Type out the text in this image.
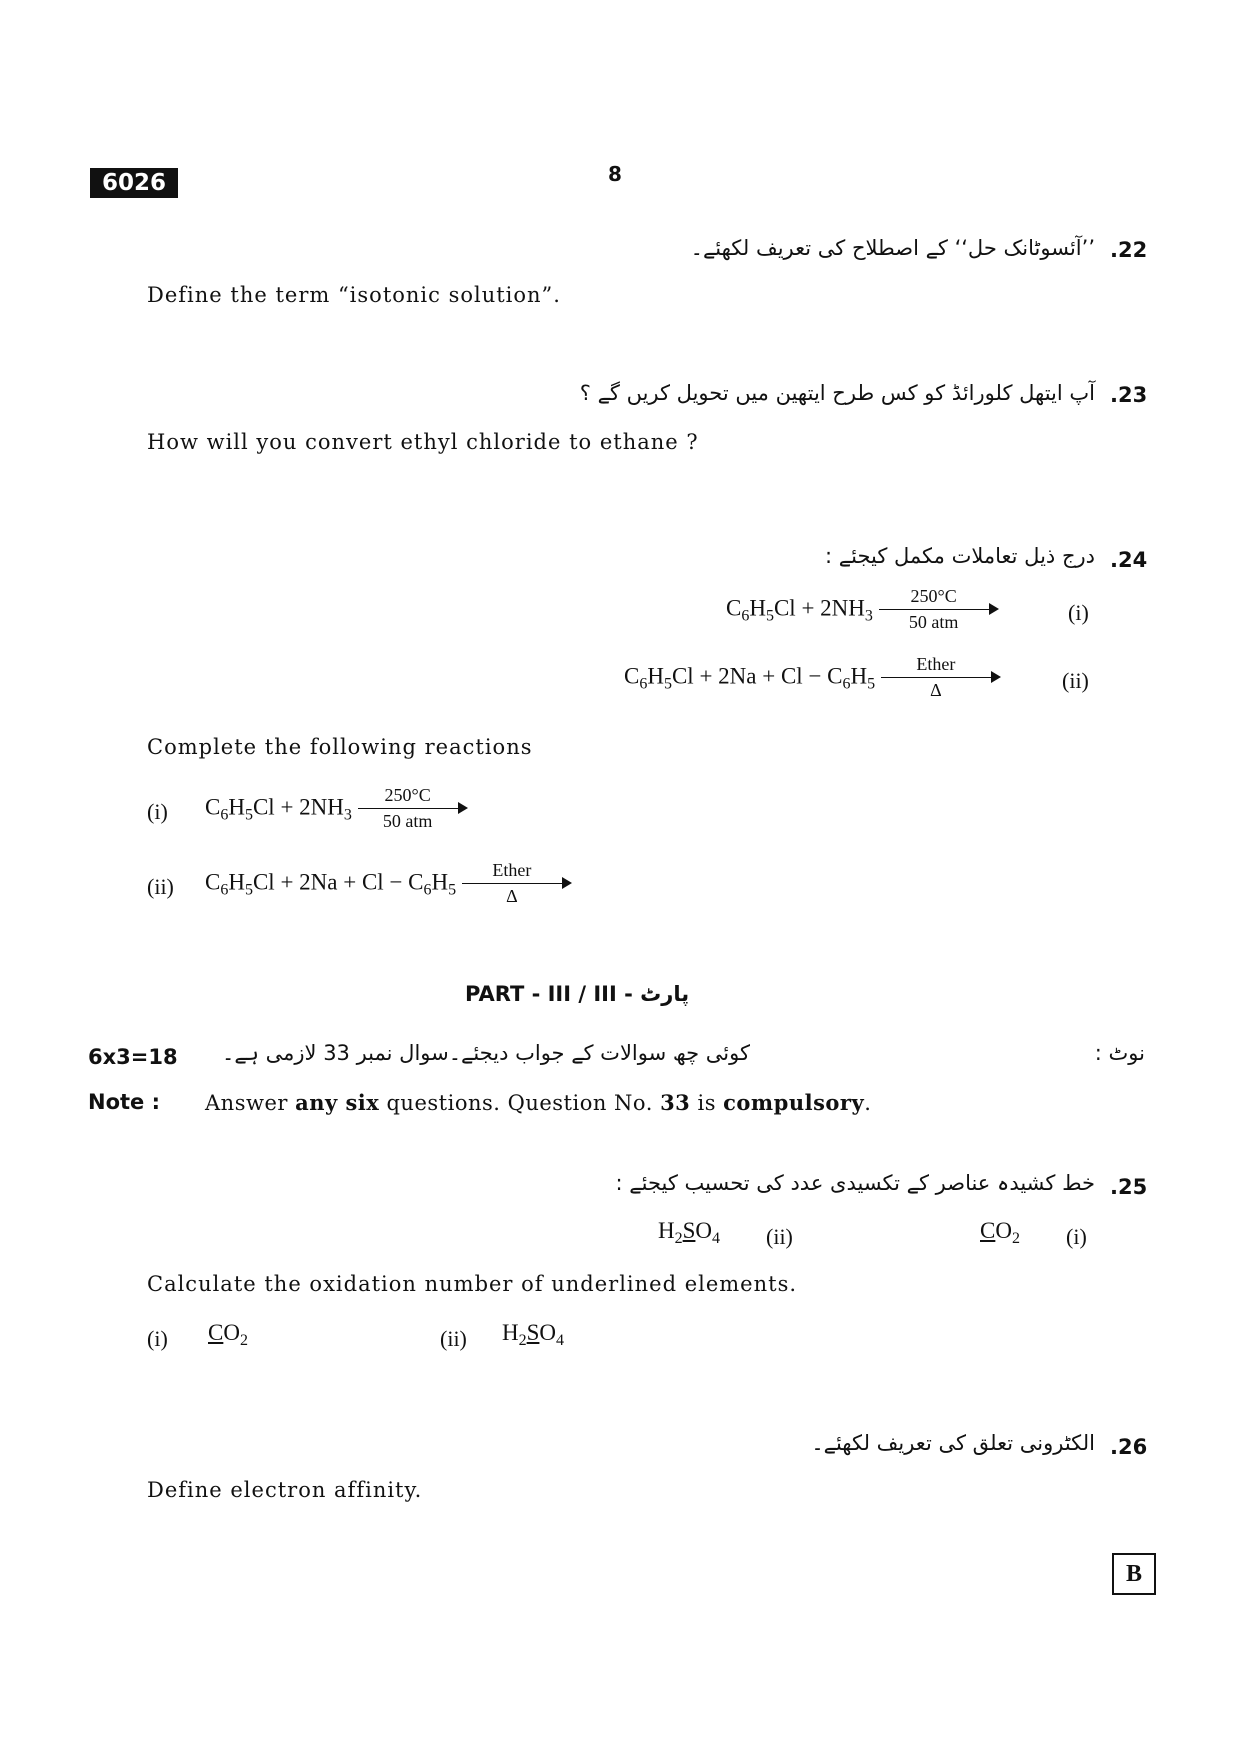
6026	8
.22
’’آئسوٹانک حل‘‘ کے اصطلاح کی تعریف لکھئے۔
Define the term “isotonic solution”.
.23
آپ ایتھل کلورائڈ کو کس طرح ایتھین میں تحویل کریں گے ؟
How will you convert ethyl chloride to ethane ?
.24
درج ذیل تعاملات مکمل کیجئے :
$C_6H_5Cl + 2NH_3$
250°C
50 atm	(i)
$C_6H_5Cl + 2Na + Cl - C_6H_5$
Ether
Δ	(ii)
Complete the following reactions
(i) $C_6H_5Cl + 2NH_3$
250°C
50 atm
(ii) $C_6H_5Cl + 2Na + Cl - C_6H_5$
Ether
Δ
PART - III / III - پارٹ
6x3=18 کوئی چھ سوالات کے جواب دیجئے۔سوال نمبر 33 لازمی ہے۔	نوٹ :
Note : Answer any six questions. Question No. 33 is compulsory.
.25
خط کشیدہ عناصر کے تکسیدی عدد کی تحسیب کیجئے :
$H_2SO_4$ (ii)	$CO_2$ (i)
Calculate the oxidation number of underlined elements.
(i) $CO_2$	(ii) $H_2SO_4$
.26
الکٹرونی تعلق کی تعریف لکھئے۔
Define electron affinity.
B
